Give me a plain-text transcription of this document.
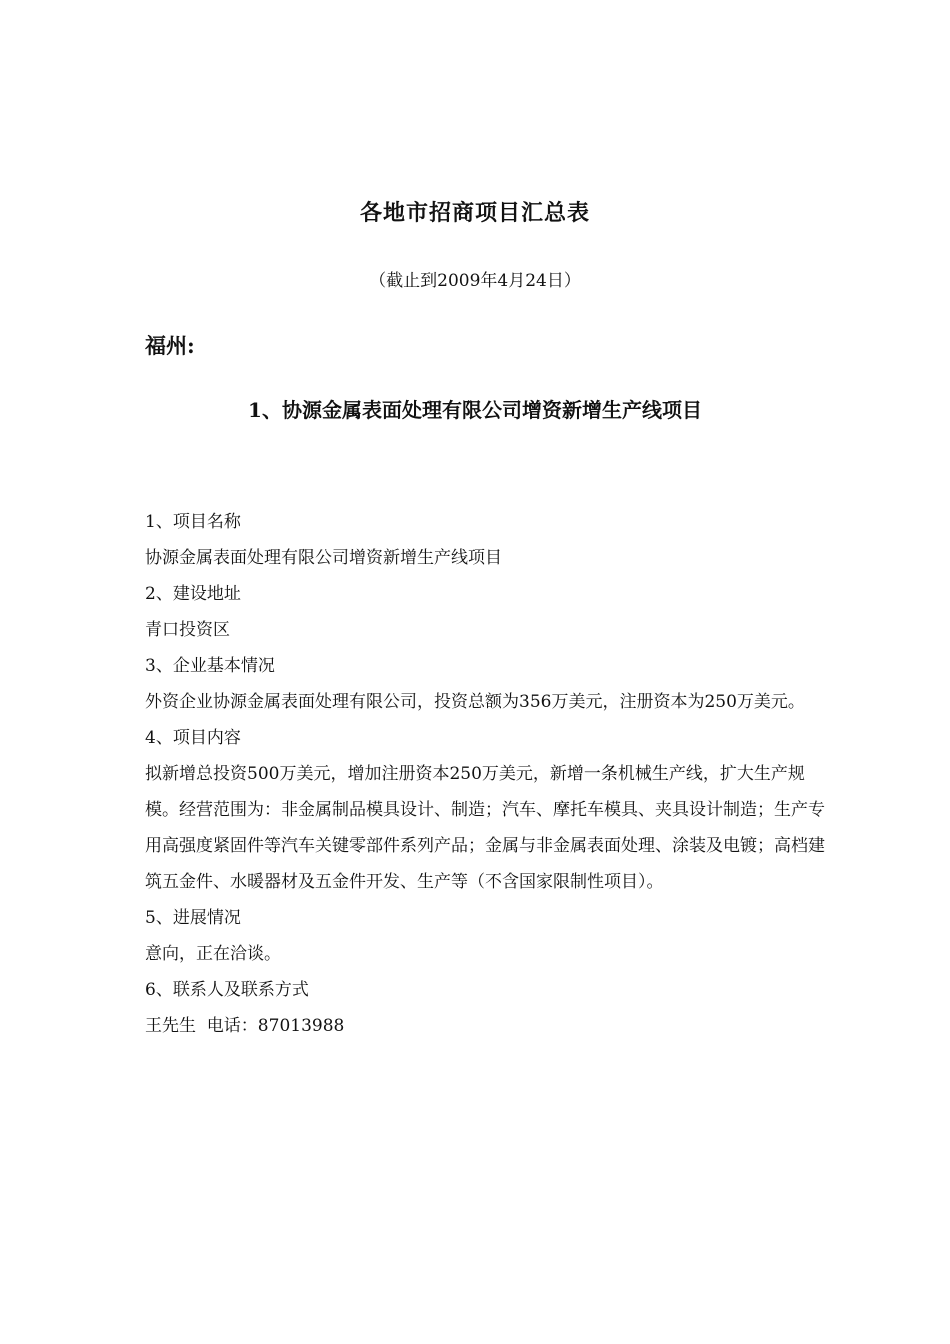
各地市招商项目汇总表
（截止到2009年4月24日）
福州:
1、协源金属表面处理有限公司增资新增生产线项目
1、项目名称
协源金属表面处理有限公司增资新增生产线项目
2、建设地址
青口投资区
3、企业基本情况
外资企业协源金属表面处理有限公司，投资总额为356万美元，注册资本为250万美元。
4、项目内容
拟新增总投资500万美元，增加注册资本250万美元，新增一条机械生产线，扩大生产规模。经营范围为：非金属制品模具设计、制造；汽车、摩托车模具、夹具设计制造；生产专用高强度紧固件等汽车关键零部件系列产品；金属与非金属表面处理、涂装及电镀；高档建筑五金件、水暖器材及五金件开发、生产等（不含国家限制性项目）。
5、进展情况
意向，正在洽谈。
6、联系人及联系方式
王先生  电话：87013988
